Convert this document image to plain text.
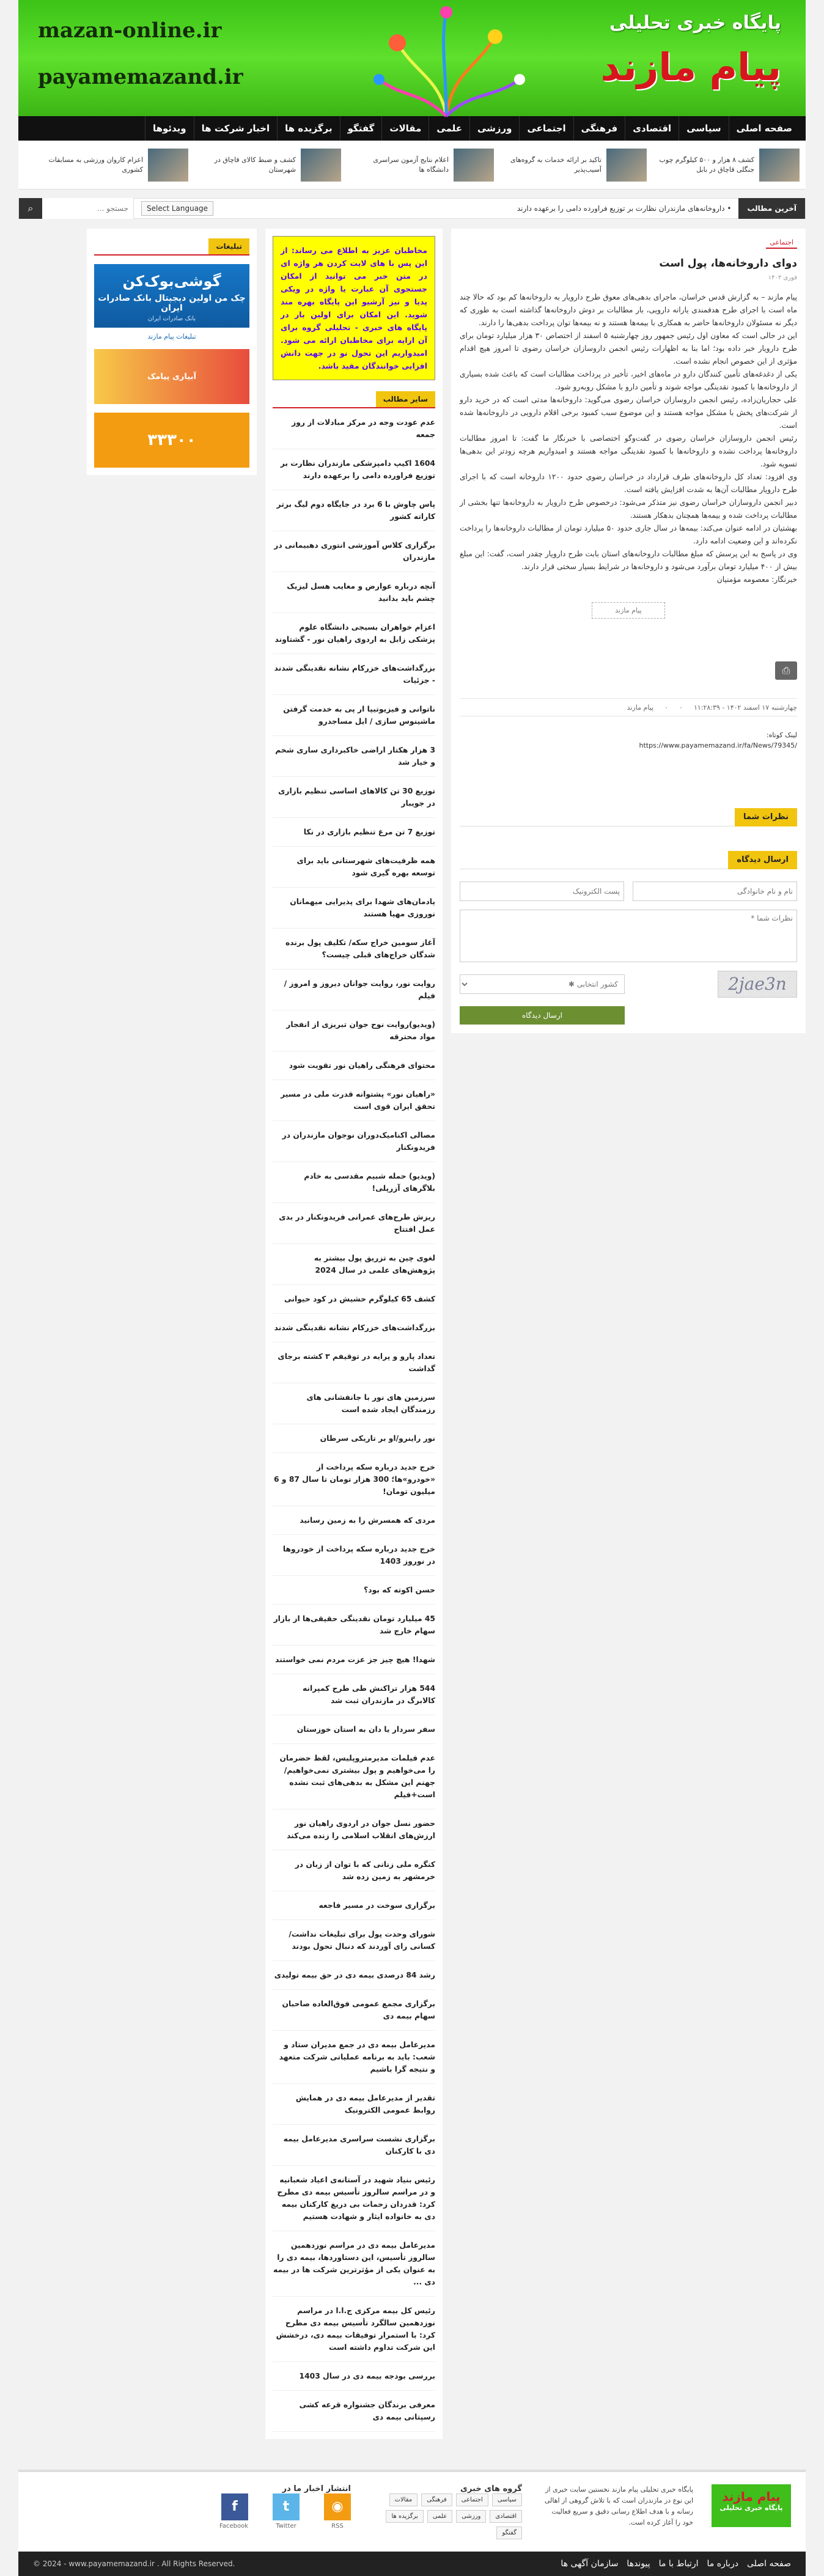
پایگاه خبری تحلیلی
پیام مازند
mazan-online.ir
payamemazand.ir
صفحه اصلی
سیاسی
اقتصادی
فرهنگی
اجتماعی
ورزشی
علمی
مقالات
گفتگو
برگزیده ها
اخبار شرکت ها
ویدئوها
کشف ۸ هزار و ۵۰۰ کیلوگرم چوب جنگلی قاچاق در بابل
تاکید بر ارائه خدمات به گروه‌های آسیب‌پذیر
اعلام نتایج آزمون سراسری دانشگاه ها
کشف و ضبط کالای قاچاق در شهرستان
اعزام کاروان ورزشی به مسابقات کشوری
آخرین مطالب
• داروخانه‌های مازندران نظارت بر توزیع فراورده دامی را برعهده دارند
Select Language
جستجو ...
⌕
اجتماعی
دوای داروخانه‌ها، پول است
فوری ۱۴۰۳

پیام مازند – به گزارش قدس خراسان، ماجرای بدهی‌های معوق طرح دارویار به داروخانه‌ها کم بود که حالا چند ماه است با اجرای طرح هدفمندی یارانه دارویی، بار مطالبات بر دوش داروخانه‌ها گذاشته است به طوری که دیگر نه مسئولان داروخانه‌ها حاضر به همکاری با بیمه‌ها هستند و نه بیمه‌ها توان پرداخت بدهی‌ها را دارند.

این در حالی است که معاون اول رئیس جمهور روز چهارشنبه ۵ اسفند از اختصاص ۳۰ هزار میلیارد تومان برای طرح دارویار خبر داده بود؛ اما بنا به اظهارات رئیس انجمن داروسازان خراسان رضوی تا امروز هیچ اقدام مؤثری از این خصوص انجام نشده است.

یکی از دغدغه‌های تأمین کنندگان دارو در ماه‌های اخیر، تأخیر در پرداخت مطالبات است که باعث شده بسیاری از داروخانه‌ها با کمبود نقدینگی مواجه شوند و تأمین دارو با مشکل روبه‌رو شود.

علی حجاریان‌زاده، رئیس انجمن داروسازان خراسان رضوی می‌گوید: داروخانه‌ها مدتی است که در خرید دارو از شرکت‌های پخش با مشکل مواجه هستند و این موضوع سبب کمبود برخی اقلام دارویی در داروخانه‌ها شده است.

رئیس انجمن داروسازان خراسان رضوی در گفت‌وگو اختصاصی با خبرنگار ما گفت: تا امروز مطالبات داروخانه‌ها پرداخت نشده و داروخانه‌ها با کمبود نقدینگی مواجه هستند و امیدواریم هرچه زودتر این بدهی‌ها تسویه شود.

وی افزود: تعداد کل داروخانه‌های طرف قرارداد در خراسان رضوی حدود ۱۲۰۰ داروخانه است که با اجرای طرح دارویار مطالبات آن‌ها به شدت افزایش یافته است.

دبیر انجمن داروسازان خراسان رضوی نیز متذکر می‌شود: درخصوص طرح دارویار به داروخانه‌ها تنها بخشی از مطالبات پرداخت شده و بیمه‌ها همچنان بدهکار هستند.

بهشتیان در ادامه عنوان می‌کند: بیمه‌ها در سال جاری حدود ۵۰ میلیارد تومان از مطالبات داروخانه‌ها را پرداخت نکرده‌اند و این وضعیت ادامه دارد.

وی در پاسخ به این پرسش که مبلغ مطالبات داروخانه‌های استان بابت طرح دارویار چقدر است، گفت: این مبلغ بیش از ۴۰۰ میلیارد تومان برآورد می‌شود و داروخانه‌ها در شرایط بسیار سختی قرار دارند.

خبرنگار: معصومه مؤمنیان

پیام مازند
⎙
چهارشنبه ۱۷ اسفند ۱۴۰۲ - ۱۱:۲۸:۳۹
۰
۰
پیام مازند
لینک کوتاه:
https://www.payamemazand.ir/fa/News/79345/
نظرات شما
ارسال دیدگاه
نام و نام خانوادگی
پست الکترونیک
نظرات شما *
2jae3n
کشور انتخابی ✱
ارسال دیدگاه
مخاطبان عزیز به اطلاع می رساند: از این پس با های لایت کردن هر واژه ای در متن خبر می توانید از امکان جستجوی آن عبارت یا واژه در ویکی پدیا و نیز آرشیو این پایگاه بهره مند شوید. این امکان برای اولین بار در پایگاه های خبری - تحلیلی گروه برای آن ارایه برای مخاطبان ارائه می شود. امیدواریم این تحول نو در جهت دانش افزایی خوانندگان مفید باشد.
سایر مطالب
عدم عودت وجه در مرکز مبادلات از روز جمعه
1604 اکیپ دامپزشکی مازندران نظارت بر توزیع فراورده دامی را برعهده دارند
پاس چاوش با 6 برد در جایگاه دوم لیگ برتر کاراته کشور
برگزاری کلاس آموزشی انتوری دهبیمانی در مازندران
آنچه درباره عوارض و معایب هسل لیزیک چشم باید بدانید
اعزام خواهران بسیجی دانشگاه علوم پزشکی زابل به اردوی راهیان نور - گشتاوند
بزرگداشت‌های خزرکام نشانه نقدینگی شدند - جزئیات
ناتوانی و فیزیوتیپا ار پی به خدمت گرفتن ماشینوس سازی / ایل مساجدرو
3 هزار هکتار اراضی خاکبرداری ساری شخم و خیار شد
توزیع 30 تن کالاهای اساسی تنظیم بازاری در جویبار
توزیع 7 تن مرغ تنظیم بازاری در نکا
همه ظرفیت‌های شهرستانی باید برای توسعه بهره گیری شود
یادمان‌های شهدا برای پذیرایی میهمانان نوروزی مهیا هستند
آغاز سومین خراج سکه/ تکلیف پول برنده شدگان خراج‌های قبلی چیست؟
روایت نور، روایت جوانان دیروز و امروز / فیلم
(ویدیو)روایت نوح جوان تبریزی از انفجار مواد محترقه
محتوای فرهنگی راهیان نور تقویت شود
«راهیان نور» پشتوانه قدرت ملی در مسیر تحقق ایران قوی است
مصالی اکنامیک‌دوران نوجوان مازندران در فریدونکنار
(ویدیو) حمله شبیم مقدسی به خادم بلاگرهای آزرپلی!
ریزش طرح‌های عمرانی فریدونکنار در بدی عمل افتتاح
لغوی چین به تزریق پول بیشتر به پژوهش‌های علمی در سال 2024
کشف 65 کیلوگرم حشیش در کود حیوانی
بزرگداشت‌های خزرکام نشانه نقدینگی شدند
تعداد پارو و پرایه در توقیفم ۳ کشته برجای گذاشت
سرزمین های نور با جانفشانی های رزمندگان ایجاد شده است
نور راینرو/او بر تاریکی سرطان
خرج جدید درباره سکه پرداخت از «خودرو»ها؛ 300 هزار تومان تا سال 87 و 6 میلیون تومان!
مردی که همسرش را به زمین رسانید
خرج جدید درباره سکه پرداخت از خودروها در نوروز 1403
حسن اکوته که بود؟
45 میلیارد تومان نقدینگی حقیقی‌ها از بازار سهام خارج شد
شهدا! هیچ چیز جز عزت مردم نمی خواستند
544 هزار تراکنش طی طرح کمپرانه کالابرگ در مازندران ثبت شد
سفر سردار یا دان به استان خوزستان
عدم فیلمات مدیرمتروپلیس، لقظ حضرمان را می‌خواهیم و پول بیشتری نمی‌خواهیم/ جهنم این مشکل به بدهی‌های ثبت نشده است+فیلم
حضور نسل جوان در اردوی راهیان نور ارزش‌های انقلاب اسلامی را زنده می‌کند
کنگره ملی زنانی که با توان از زبان در خرمشهر به زمین زده شد
برگزاری سوخت در مسیر فاجعه
شورای وحدت پول برای تبلیغات نداشت/ کسانی رای آوردند که دنبال تحول بودند
رشد 84 درصدی بیمه دی در حق بیمه تولیدی
برگزاری مجمع عمومی فوق‌العاده صاحبان سهام بیمه دی
مدیرعامل بیمه دی در جمع مدیران ستاد و شعب: باید به برنامه عملیاتی شرکت متعهد و نتیجه گرا باشیم
تقدیر از مدیرعامل بیمه دی در همایش روابط عمومی الکترونیک
برگزاری نشست سراسری مدیرعامل بیمه دی با کارکنان
رئیس بنیاد شهید در آستانه‌ی اعیاد شعبانیه و در مراسم سالروز تأسیس بیمه دی مطرح کرد: قدردان زحمات بی دریغ کارکنان بیمه دی به خانواده ایثار و شهادت هستیم
مدیرعامل بیمه دی در مراسم نوزدهمین سالروز تأسیس، این دستاوردها، بیمه دی را به عنوان یکی از مؤثرترین شرکت ها در بیمه دی ...
رئیس کل بیمه مرکزی ج.ا.ا در مراسم نوزدهمین سالگرد تأسیس بیمه دی مطرح کرد: با استمرار توفیقات بیمه دی، درخشش این شرکت تداوم داشته است
بررسی بودجه بیمه دی در سال 1403
معرفی برندگان جشنواره قرعه کشی رسپتانی بیمه دی
تبلیغات
گوشی‌بوک‌کن
چک من اولین دیجیتال بانک صادرات ایران
بانک صادرات ایران
تبلیغات پیام مازند
آبیاری پیامک
۳۳۳۰۰
پیام مازند
پایگاه خبری تحلیلی
پایگاه خبری تحلیلی پیام مازند نخستین سایت خبری از این نوع در مازندران است که با تلاش گروهی از اهالی رسانه و با هدف اطلاع رسانی دقیق و سریع فعالیت خود را آغاز کرده است.
گروه های خبری
سیاسی
اجتماعی
فرهنگی
مقالات
اقتصادی
ورزشی
علمی
برگزیده ها
گفتگو
انتشار اخبار ما در
◉
RSS
t
Twitter
f
Facebook
صفحه اصلی
درباره ما
ارتباط با ما
پیوندها
سازمان آگهی ها
© 2024 - www.payamemazand.ir . All Rights Reserved.
